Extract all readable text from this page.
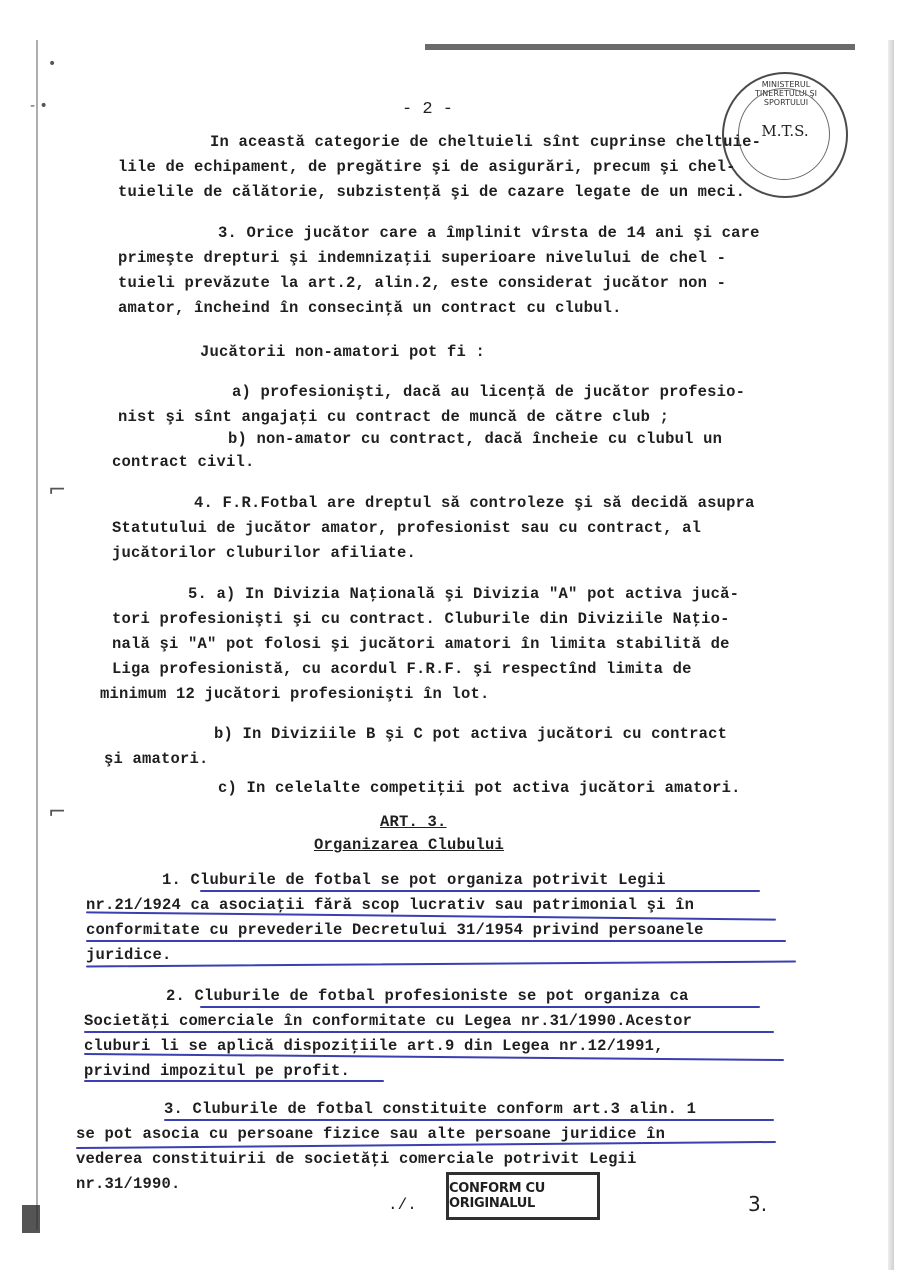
•
- •
⌐
⌐
- 2 -
MINISTERUL TINERETULUI ŞI SPORTULUI
M.T.S.
In această categorie de cheltuieli sînt cuprinse cheltuie-
lile de echipament, de pregătire şi de asigurări, precum şi chel-
tuielile de călătorie, subzistenţă şi de cazare legate de un meci.
3. Orice jucător care a împlinit vîrsta de 14 ani şi care
primeşte drepturi şi indemnizaţii superioare nivelului de chel -
tuieli prevăzute la art.2, alin.2, este considerat jucător non -
amator, încheind în consecinţă un contract cu clubul.
Jucătorii non-amatori pot fi :
a) profesionişti, dacă au licenţă de jucător profesio-
nist şi sînt angajaţi cu contract de muncă de către club ;
b) non-amator cu contract, dacă încheie cu clubul un
contract civil.
4. F.R.Fotbal are dreptul să controleze şi să decidă asupra
Statutului de jucător amator, profesionist sau cu contract, al
jucătorilor cluburilor afiliate.
5. a) In Divizia Naţională şi Divizia "A" pot activa jucă-
tori profesionişti şi cu contract. Cluburile din Diviziile Naţio-
nală şi "A" pot folosi şi jucători amatori în limita stabilită de
Liga profesionistă, cu acordul F.R.F. şi respectînd limita de
minimum 12 jucători profesionişti în lot.
b) In Diviziile B şi C pot activa jucători cu contract
şi amatori.
c) In celelalte competiţii pot activa jucători amatori.
ART. 3.
Organizarea Clubului
1. Cluburile de fotbal se pot organiza potrivit Legii
nr.21/1924 ca asociaţii fără scop lucrativ sau patrimonial şi în
conformitate cu prevederile Decretului 31/1954 privind persoanele
juridice.
2. Cluburile de fotbal profesioniste se pot organiza ca
Societăţi comerciale în conformitate cu Legea nr.31/1990.Acestor
cluburi li se aplică dispoziţiile art.9 din Legea nr.12/1991,
privind impozitul pe profit.
3. Cluburile de fotbal constituite conform art.3 alin. 1
se pot asocia cu persoane fizice sau alte persoane juridice în
vederea constituirii de societăţi comerciale potrivit Legii
nr.31/1990.
./.
CONFORM CU ORIGINALUL	3.
